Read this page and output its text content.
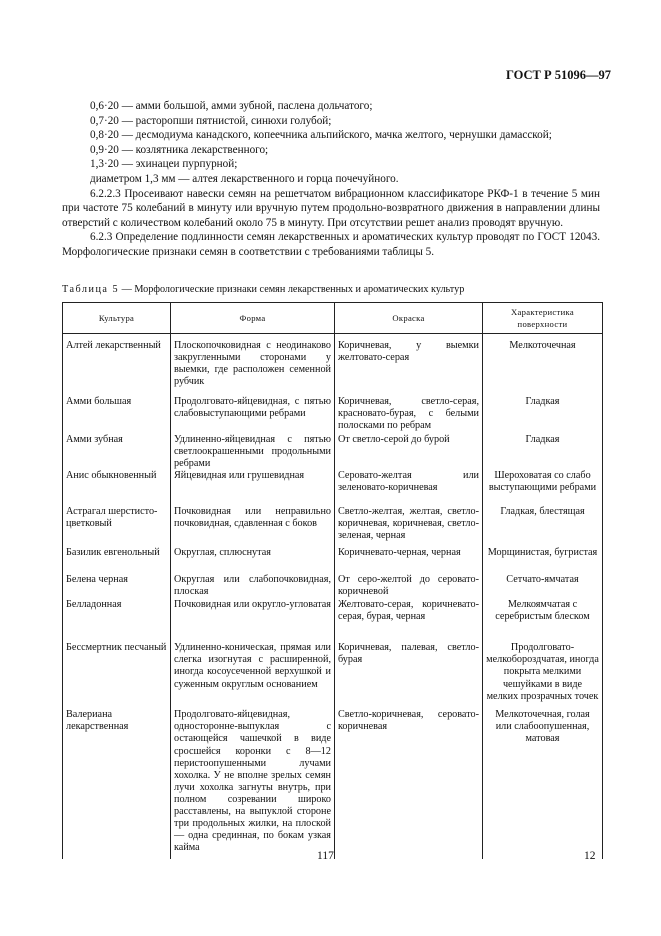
ГОСТ Р 51096—97

0,6·20 — амми большой, амми зубной, паслена дольчатого;

0,7·20 — расторопши пятнистой, синюхи голубой;

0,8·20 — десмодиума канадского, копеечника альпийского, мачка желтого, чернушки дамасской;

0,9·20 — козлятника лекарственного;

1,3·20 — эхинацеи пурпурной;

диаметром 1,3 мм — алтея лекарственного и горца почечуйного.

6.2.2.3 Просеивают навески семян на решетчатом вибрационном классификаторе РКФ-1 в течение 5 мин при частоте 75 колебаний в минуту или вручную путем продольно-возвратного движения в направлении длины отверстий с количеством колебаний около 75 в минуту. При отсутствии решет анализ проводят вручную.

6.2.3 Определение подлинности семян лекарственных и ароматических культур проводят по ГОСТ 12043. Морфологические признаки семян в соответствии с требованиями таблицы 5.

Таблица 5 — Морфологические признаки семян лекарственных и ароматических культур
Культура	Форма	Окраска	Характеристика поверхности

Алтей лекарственный	Плоскопочковидная с неодинаково закругленными сторонами у выемки, где расположен семенной рубчик	Коричневая, у выемки желтовато-серая	Мелкоточечная
Амми большая	Продолговато-яйцевидная, с пятью слабовыступающими ребрами	Коричневая, светло-серая, красновато-бурая, с белыми полосками по ребрам	Гладкая
Амми зубная	Удлиненно-яйцевидная с пятью светлоокрашенными продольными ребрами	От светло-серой до бурой	Гладкая
Анис обыкновенный	Яйцевидная или грушевидная	Серовато-желтая или зеленовато-коричневая	Шероховатая со слабо выступающими ребрами
Астрагал шерстисто-цветковый	Почковидная или неправильно почковидная, сдавленная с боков	Светло-желтая, желтая, светло-коричневая, коричневая, светло-зеленая, черная	Гладкая, блестящая
Базилик евгенольный	Округлая, сплюснутая	Коричневато-черная, черная	Морщинистая, бугристая
Белена черная	Округлая или слабопочковидная, плоская	От серо-желтой до серовато-коричневой	Сетчато-ямчатая
Белладонная	Почковидная или округло-угловатая	Желтовато-серая, коричневато-серая, бурая, черная	Мелкоямчатая с серебристым блеском
Бессмертник песчаный	Удлиненно-коническая, прямая или слегка изогнутая с расширенной, иногда косоусеченной верхушкой и суженным округлым основанием	Коричневая, палевая, светло-бурая	Продолговато-мелкобороздчатая, иногда покрыта мелкими чешуйками в виде мелких прозрачных точек
Валериана лекарственная	Продолговато-яйцевидная, односторонне-выпуклая с остающейся чашечкой в виде сросшейся коронки с 8—12 перистоопушенными лучами хохолка. У не вполне зрелых семян лучи хохолка загнуты внутрь, при полном созревании широко расставлены, на выпуклой стороне три продольных жилки, на плоской — одна срединная, по бокам узкая кайма	Светло-коричневая, серовато-коричневая	Мелкоточечная, голая или слабоопушенная, матовая
117	12
